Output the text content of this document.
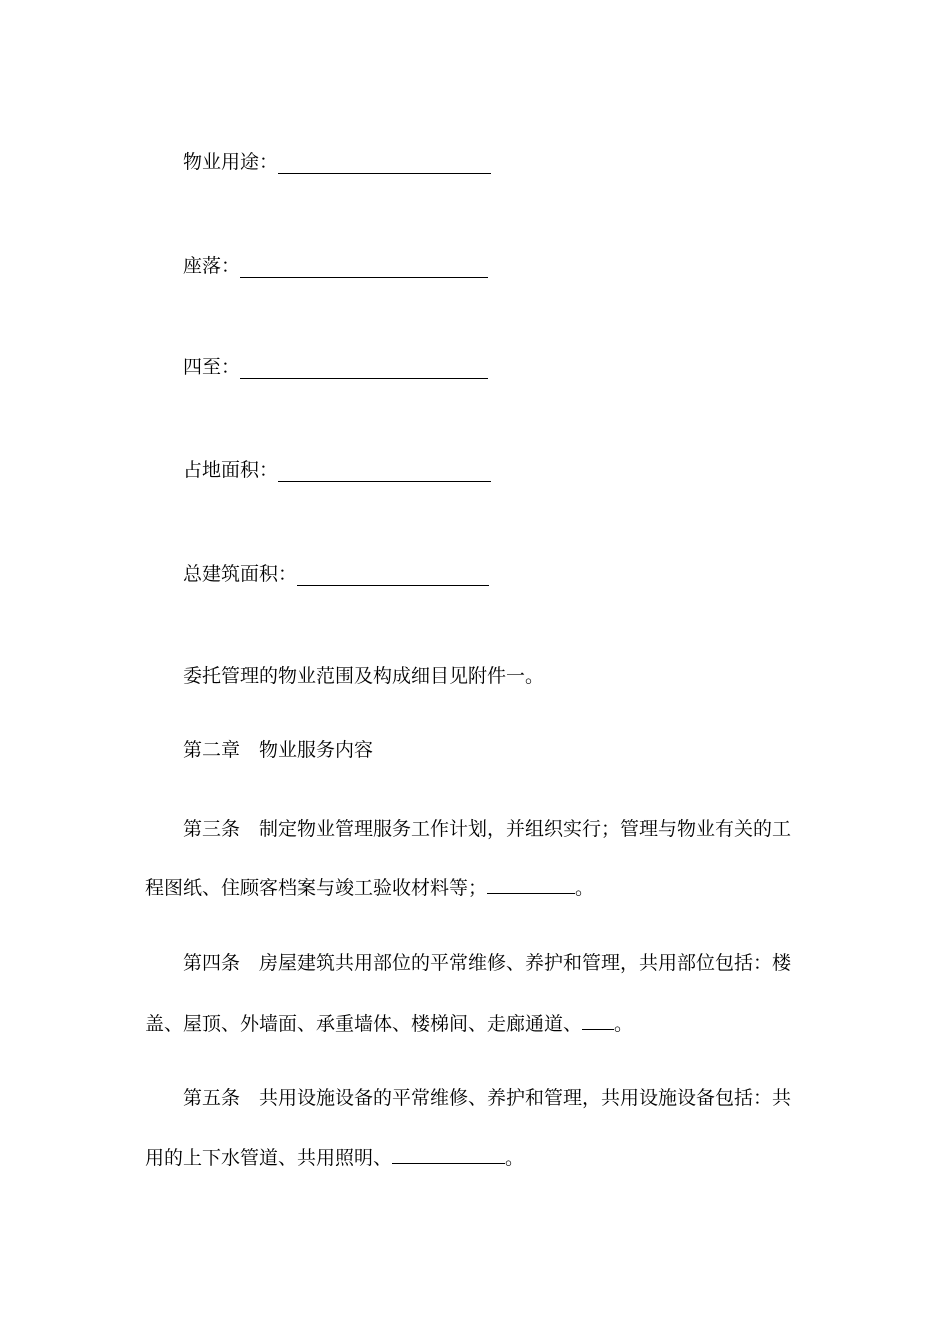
物业用途：
座落：
四至：
占地面积：
总建筑面积：
委托管理的物业范围及构成细目见附件一。
第二章　物业服务内容
第三条　制定物业管理服务工作计划，并组织实行；管理与物业有关的工
程图纸、住顾客档案与竣工验收材料等；	。
第四条　房屋建筑共用部位的平常维修、养护和管理，共用部位包括：楼
盖、屋顶、外墙面、承重墙体、楼梯间、走廊通道、 。
第五条　共用设施设备的平常维修、养护和管理，共用设施设备包括：共
用的上下水管道、共用照明、	。
